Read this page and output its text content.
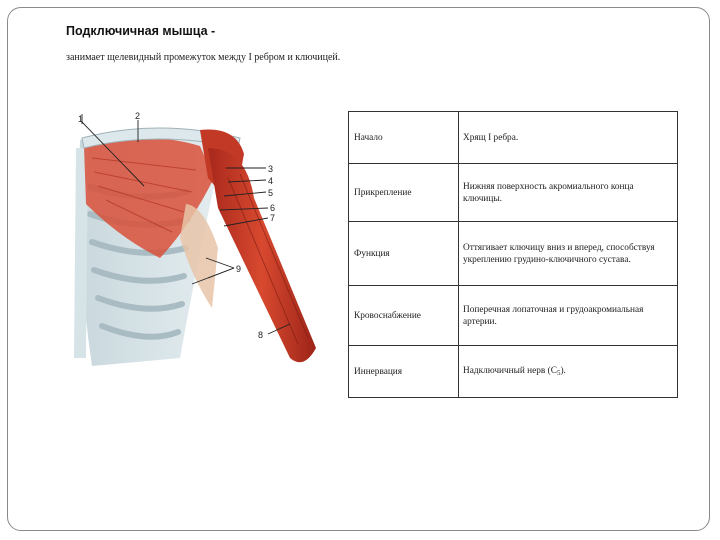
Подключичная мышца -
занимает щелевидный промежуток между I ребром и ключицей.
1	2
3
4
5
6
7
9
8
Начало	Хрящ I ребра.
Прикрепление	Нижняя поверхность акромиального конца ключицы.
Функция	Оттягивает ключицу вниз и вперед, способствуя укреплению грудино-ключичного сустава.
Кровоснабжение	Поперечная лопаточная и грудоакромиальная артерии.
Иннервация	Надключичный нерв $(C_5)$.
